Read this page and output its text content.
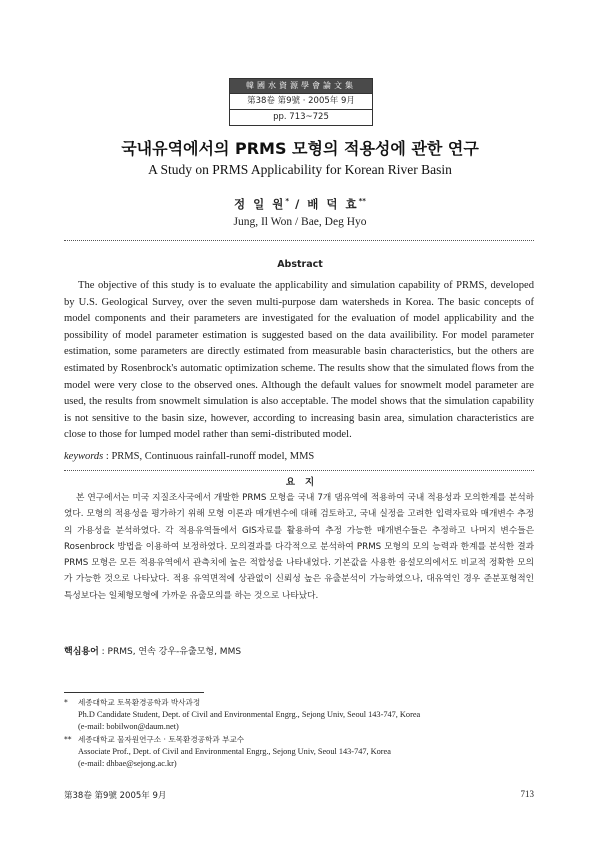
韓國水資源學會論文集
第38卷 第9號 · 2005年 9月
pp. 713~725
국내유역에서의 PRMS 모형의 적용성에 관한 연구
A Study on PRMS Applicability for Korean River Basin
정 일 원* / 배 덕 효**
Jung, Il Won / Bae, Deg Hyo
Abstract

The objective of this study is to evaluate the applicability and simulation capability of PRMS, developed by U.S. Geological Survey, over the seven multi-purpose dam watersheds in Korea. The basic concepts of model components and their parameters are investigated for the evaluation of model applicability and the possibility of model parameter estimation is suggested based on the data availibility. For model parameter estimation, some parameters are directly estimated from measurable basin characteristics, but the others are estimated by Rosenbrock's automatic optimization scheme. The results show that the simulated flows from the model were very close to the observed ones. Although the default values for snowmelt model parameter are used, the results from snowmelt simulation is also acceptable. The model shows that the simulation capability is not sensitive to the basin size, however, according to increasing basin area, simulation characteristics are close to those for lumped model rather than semi-distributed model.

keywords : PRMS, Continuous rainfall-runoff model, MMS
요   지

본 연구에서는 미국 지질조사국에서 개발한 PRMS 모형을 국내 7개 댐유역에 적용하여 국내 적용성과 모의한계를 분석하였다. 모형의 적용성을 평가하기 위해 모형 이론과 매개변수에 대해 검토하고, 국내 실정을 고려한 입력자료와 매개변수 추정의 가용성을 분석하였다. 각 적용유역들에서 GIS자료를 활용하여 추정 가능한 매개변수들은 추정하고 나머지 변수들은 Rosenbrock 방법을 이용하여 보정하였다. 모의결과를 다각적으로 분석하여 PRMS 모형의 모의 능력과 한계를 분석한 결과 PRMS 모형은 모든 적용유역에서 관측치에 높은 적합성을 나타내었다. 기본값을 사용한 융설모의에서도 비교적 정확한 모의가 가능한 것으로 나타났다. 적용 유역면적에 상관없이 신뢰성 높은 유출분석이 가능하였으나, 대유역인 경우 준분포형적인 특성보다는 일체형모형에 가까운 유출모의를 하는 것으로 나타났다.

핵심용어 : PRMS, 연속 강우-유출모형, MMS
* 세종대학교 토목환경공학과 박사과정
Ph.D Candidate Student, Dept. of Civil and Environmental Engrg., Sejong Univ, Seoul 143-747, Korea
(e-mail: bobilwon@daum.net)
** 세종대학교 물자원연구소 · 토목환경공학과 부교수
Associate Prof., Dept. of Civil and Environmental Engrg., Sejong Univ, Seoul 143-747, Korea
(e-mail: dhbae@sejong.ac.kr)
第38卷 第9號 2005年 9月	713
